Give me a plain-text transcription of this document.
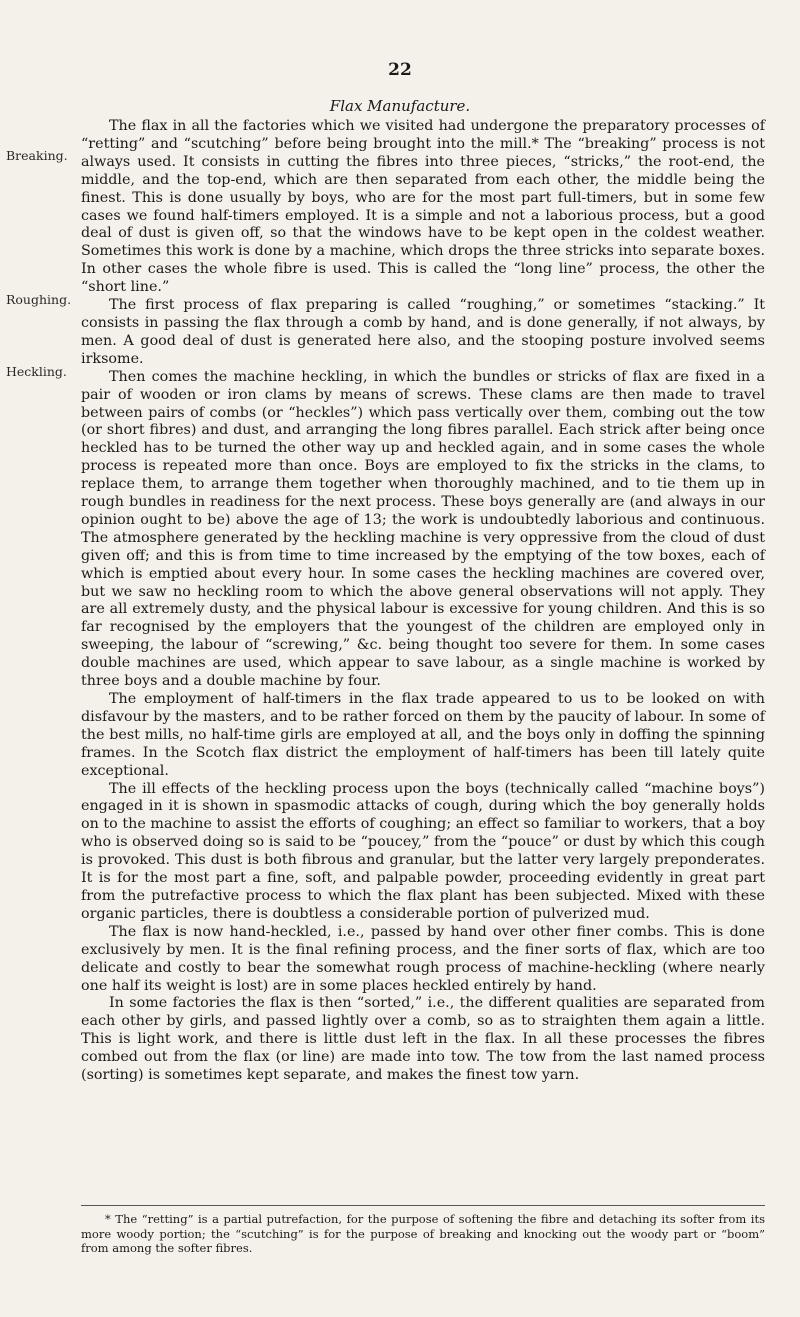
22
Flax Manufacture.
Breaking.
Roughing.
Heckling.

The flax in all the factories which we visited had undergone the preparatory processes of “retting” and “scutching” before being brought into the mill.* The “breaking” process is not always used. It consists in cutting the fibres into three pieces, “stricks,” the root-end, the middle, and the top-end, which are then separated from each other, the middle being the finest. This is done usually by boys, who are for the most part full-timers, but in some few cases we found half-timers employed. It is a simple and not a laborious process, but a good deal of dust is given off, so that the windows have to be kept open in the coldest weather. Sometimes this work is done by a machine, which drops the three stricks into separate boxes. In other cases the whole fibre is used. This is called the “long line” process, the other the “short line.”

The first process of flax preparing is called “roughing,” or sometimes “stacking.” It consists in passing the flax through a comb by hand, and is done generally, if not always, by men. A good deal of dust is generated here also, and the stooping posture involved seems irksome.

Then comes the machine heckling, in which the bundles or stricks of flax are fixed in a pair of wooden or iron clams by means of screws. These clams are then made to travel between pairs of combs (or “heckles”) which pass vertically over them, combing out the tow (or short fibres) and dust, and arranging the long fibres parallel. Each strick after being once heckled has to be turned the other way up and heckled again, and in some cases the whole process is repeated more than once. Boys are employed to fix the stricks in the clams, to replace them, to arrange them together when thoroughly machined, and to tie them up in rough bundles in readiness for the next process. These boys generally are (and always in our opinion ought to be) above the age of 13; the work is undoubtedly laborious and continuous. The atmosphere generated by the heckling machine is very oppressive from the cloud of dust given off; and this is from time to time increased by the emptying of the tow boxes, each of which is emptied about every hour. In some cases the heckling machines are covered over, but we saw no heckling room to which the above general observations will not apply. They are all extremely dusty, and the physical labour is excessive for young children. And this is so far recognised by the employers that the youngest of the children are employed only in sweeping, the labour of “screwing,” &c. being thought too severe for them. In some cases double machines are used, which appear to save labour, as a single machine is worked by three boys and a double machine by four.

The employment of half-timers in the flax trade appeared to us to be looked on with disfavour by the masters, and to be rather forced on them by the paucity of labour. In some of the best mills, no half-time girls are employed at all, and the boys only in doffing the spinning frames. In the Scotch flax district the employment of half-timers has been till lately quite exceptional.

The ill effects of the heckling process upon the boys (technically called “machine boys”) engaged in it is shown in spasmodic attacks of cough, during which the boy generally holds on to the machine to assist the efforts of coughing; an effect so familiar to workers, that a boy who is observed doing so is said to be “poucey,” from the “pouce” or dust by which this cough is provoked. This dust is both fibrous and granular, but the latter very largely preponderates. It is for the most part a fine, soft, and palpable powder, proceeding evidently in great part from the putrefactive process to which the flax plant has been subjected. Mixed with these organic particles, there is doubtless a considerable portion of pulverized mud.

The flax is now hand-heckled, i.e., passed by hand over other finer combs. This is done exclusively by men. It is the final refining process, and the finer sorts of flax, which are too delicate and costly to bear the somewhat rough process of machine-heckling (where nearly one half its weight is lost) are in some places heckled entirely by hand.

In some factories the flax is then “sorted,” i.e., the different qualities are separated from each other by girls, and passed lightly over a comb, so as to straighten them again a little. This is light work, and there is little dust left in the flax. In all these processes the fibres combed out from the flax (or line) are made into tow. The tow from the last named process (sorting) is sometimes kept separate, and makes the finest tow yarn.

* The “retting” is a partial putrefaction, for the purpose of softening the fibre and detaching its softer from its more woody portion; the “scutching” is for the purpose of breaking and knocking out the woody part or “boom” from among the softer fibres.
